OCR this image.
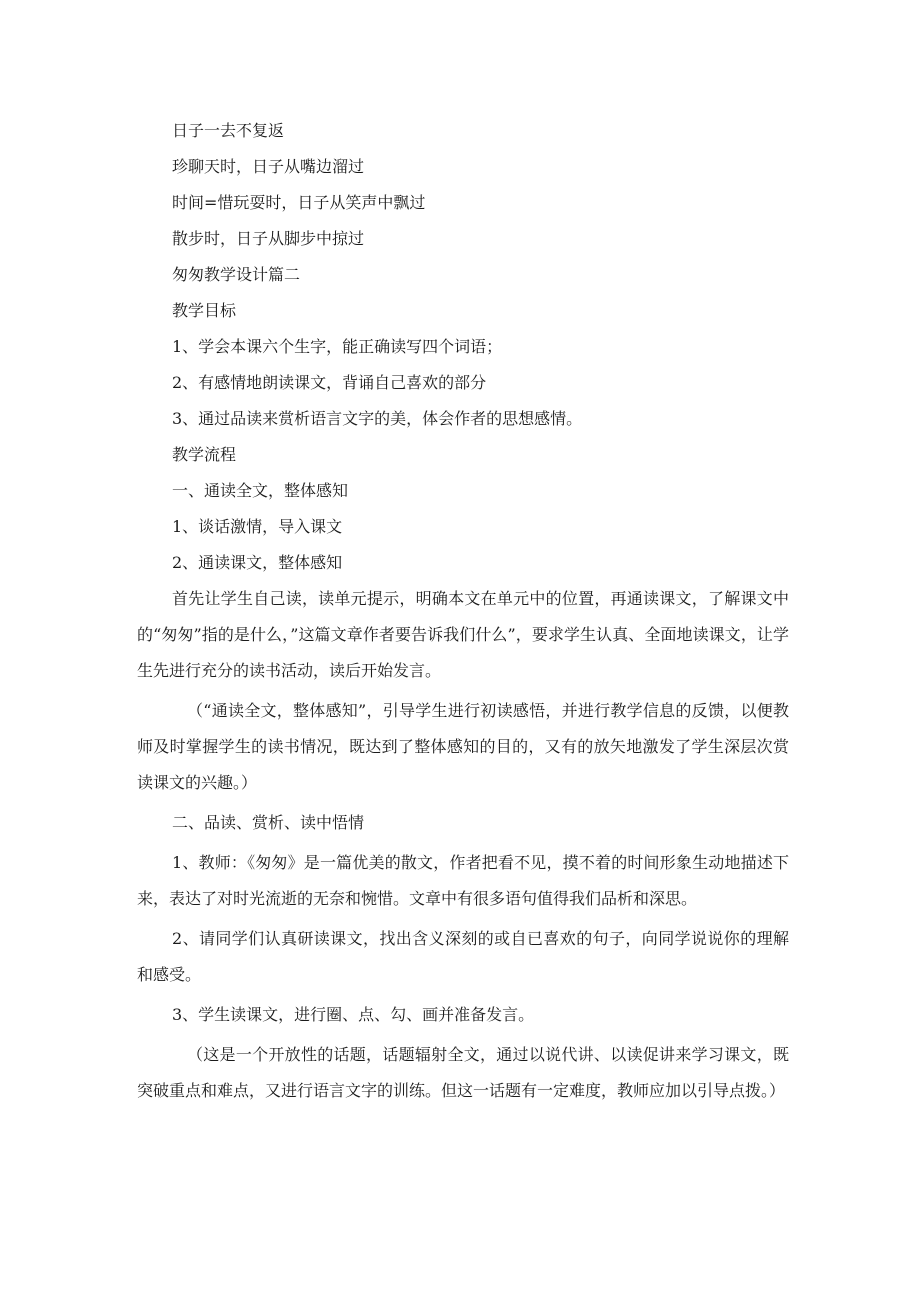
日子一去不复返

珍聊天时，日子从嘴边溜过

时间=惜玩耍时，日子从笑声中飘过

散步时，日子从脚步中掠过

匆匆教学设计篇二

教学目标

1、学会本课六个生字，能正确读写四个词语；

2、有感情地朗读课文，背诵自己喜欢的部分

3、通过品读来赏析语言文字的美，体会作者的思想感情。

教学流程

一、通读全文，整体感知

1、谈话激情，导入课文

2、通读课文，整体感知

首先让学生自己读，读单元提示，明确本文在单元中的位置，再通读课文，了解课文中的“匆匆”指的是什么，”这篇文章作者要告诉我们什么”，要求学生认真、全面地读课文，让学生先进行充分的读书活动，读后开始发言。

（“通读全文，整体感知”，引导学生进行初读感悟，并进行教学信息的反馈，以便教师及时掌握学生的读书情况，既达到了整体感知的目的，又有的放矢地激发了学生深层次赏读课文的兴趣。）

二、品读、赏析、读中悟情

1、教师：《匆匆》是一篇优美的散文，作者把看不见，摸不着的时间形象生动地描述下来，表达了对时光流逝的无奈和惋惜。文章中有很多语句值得我们品析和深思。

2、请同学们认真研读课文，找出含义深刻的或自已喜欢的句子，向同学说说你的理解和感受。

3、学生读课文，进行圈、点、勾、画并准备发言。

（这是一个开放性的话题，话题辐射全文，通过以说代讲、以读促讲来学习课文，既突破重点和难点，又进行语言文字的训练。但这一话题有一定难度，教师应加以引导点拨。）
